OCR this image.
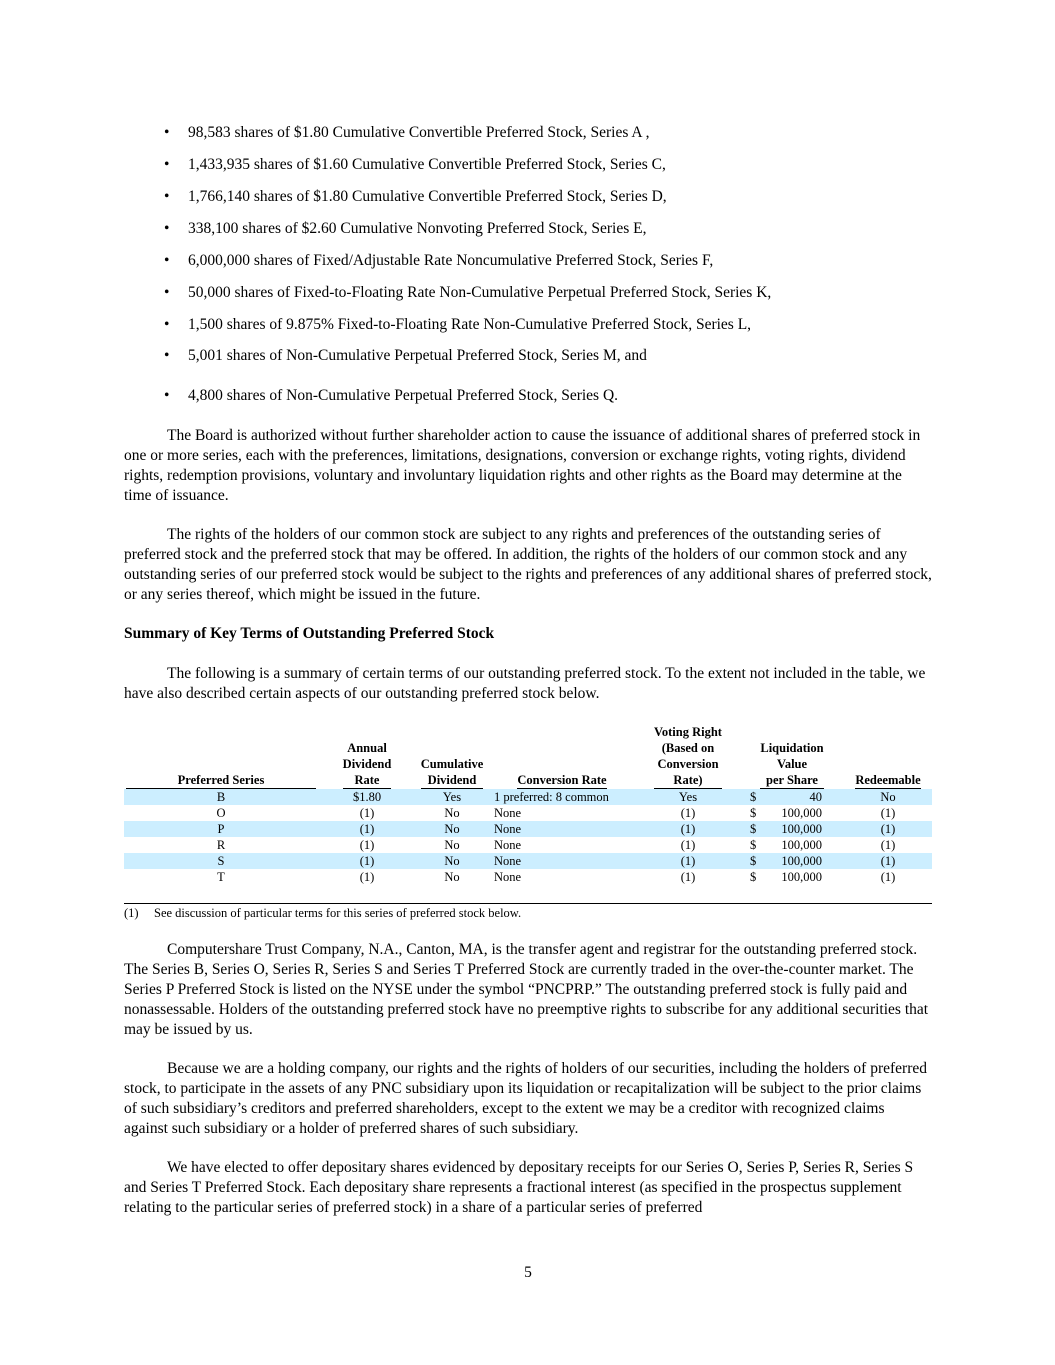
• 98,583 shares of $1.80 Cumulative Convertible Preferred Stock, Series A ,
• 1,433,935 shares of $1.60 Cumulative Convertible Preferred Stock, Series C,
• 1,766,140 shares of $1.80 Cumulative Convertible Preferred Stock, Series D,
• 338,100 shares of $2.60 Cumulative Nonvoting Preferred Stock, Series E,
• 6,000,000 shares of Fixed/Adjustable Rate Noncumulative Preferred Stock, Series F,
• 50,000 shares of Fixed-to-Floating Rate Non-Cumulative Perpetual Preferred Stock, Series K,
• 1,500 shares of 9.875% Fixed-to-Floating Rate Non-Cumulative Preferred Stock, Series L,
• 5,001 shares of Non-Cumulative Perpetual Preferred Stock, Series M, and
• 4,800 shares of Non-Cumulative Perpetual Preferred Stock, Series Q.

The Board is authorized without further shareholder action to cause the issuance of additional shares of preferred stock in one or more series, each with the preferences, limitations, designations, conversion or exchange rights, voting rights, dividend rights, redemption provisions, voluntary and involuntary liquidation rights and other rights as the Board may determine at the time of issuance.

The rights of the holders of our common stock are subject to any rights and preferences of the outstanding series of preferred stock and the preferred stock that may be offered. In addition, the rights of the holders of our common stock and any outstanding series of our preferred stock would be subject to the rights and preferences of any additional shares of preferred stock, or any series thereof, which might be issued in the future.

Summary of Key Terms of Outstanding Preferred Stock

The following is a summary of certain terms of our outstanding preferred stock. To the extent not included in the table, we have also described certain aspects of our outstanding preferred stock below.

Preferred Series	Annual
Dividend
Rate	Cumulative
Dividend	Conversion Rate	Voting Right
(Based on
Conversion
Rate)	Liquidation
Value
per Share	Redeemable
B	$1.80	Yes	1 preferred: 8 common	Yes	$ 40	No
O	(1)	No	None	(1)	$ 100,000	(1)
P	(1)	No	None	(1)	$ 100,000	(1)
R	(1)	No	None	(1)	$ 100,000	(1)
S	(1)	No	None	(1)	$ 100,000	(1)
T	(1)	No	None	(1)	$ 100,000	(1)
(1) See discussion of particular terms for this series of preferred stock below.

Computershare Trust Company, N.A., Canton, MA, is the transfer agent and registrar for the outstanding preferred stock. The Series B, Series O, Series R, Series S and Series T Preferred Stock are currently traded in the over-the-counter market. The Series P Preferred Stock is listed on the NYSE under the symbol “PNCPRP.” The outstanding preferred stock is fully paid and nonassessable. Holders of the outstanding preferred stock have no preemptive rights to subscribe for any additional securities that may be issued by us.

Because we are a holding company, our rights and the rights of holders of our securities, including the holders of preferred stock, to participate in the assets of any PNC subsidiary upon its liquidation or recapitalization will be subject to the prior claims of such subsidiary’s creditors and preferred shareholders, except to the extent we may be a creditor with recognized claims against such subsidiary or a holder of preferred shares of such subsidiary.

We have elected to offer depositary shares evidenced by depositary receipts for our Series O, Series P, Series R, Series S and Series T Preferred Stock. Each depositary share represents a fractional interest (as specified in the prospectus supplement relating to the particular series of preferred stock) in a share of a particular series of preferred

5
